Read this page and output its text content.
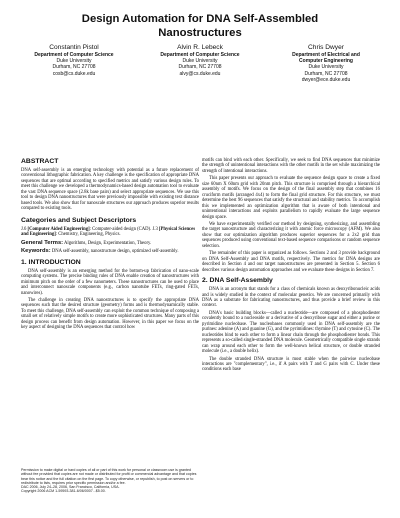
Design Automation for DNA Self-Assembled
Nanostructures
Constantin Pistol
Department of Computer Science
Duke University
Durham, NC 27708
cosb@cs.duke.edu
Alvin R. Lebeck
Department of Computer Science
Duke University
Durham, NC 27708
alvy@cs.duke.edu
Chris Dwyer
Department of Electrical and
Computer Engineering
Duke University
Durham, NC 27708
dwyer@ece.duke.edu
ABSTRACT

DNA self-assembly is an emerging technology with potential as a future replacement of conventional lithographic fabrication. A key challenge is the specification of appropriate DNA sequences that are optimal according to specified metrics and satisfy various design rules. To meet this challenge we developed a thermodynamics-based design automation tool to evaluate the vast DNA sequence space (2.8k base pairs) and select appropriate sequences. We use this tool to design DNA nanostructures that were previously impossible with existing text distance based tools. We also show that for nanoscale structures our approach produces superior results compared to existing tools.

Categories and Subject Descriptors

J.6 [Computer Aided Engineering]: Computer-aided design (CAD). J.3 [Physical Sciences and Engineering]: Chemistry, Engineering, Physics.

General Terms: Algorithms, Design, Experimentation, Theory.

Keywords: DNA self-assembly, nanostructure design, optimized self-assembly.

1. INTRODUCTION

DNA self-assembly is an emerging method for the bottom-up fabrication of nano-scale computing systems. The precise binding rules of DNA enable creation of nanostructures with minimum pitch on the order of a few nanometers. These nanostructures can be used to place and interconnect nanoscale components (e.g., carbon nanotube FETs, ring-gated FETs, nanowires).

The challenge in creating DNA nanostructures is to specify the appropriate DNA sequences such that the desired structure (geometry) forms and is thermodynamically stable. To meet this challenge, DNA self-assembly can exploit the common technique of composing a small set of relatively simple motifs to create more sophisticated structures. Many parts of this design process can benefit from design automation. However, in this paper we focus on the key aspect of designing the DNA sequences that control how

motifs can bind with each other. Specifically, we seek to find DNA sequences that minimize the strength of unintentional interactions with the other motifs in the set while maximizing the strength of intentional interactions.

This paper presents our approach to evaluate the sequence design space to create a fixed size 60nm X 60nm grid with 20nm pitch. This structure is comprised through a hierarchical assembly of motifs. We focus on the design of the final assembly step that combines 16 cruciform motifs (arranged 4x4) to form the final grid structure. For this structure, we must determine the best 96 sequences that satisfy the structural and stability metrics. To accomplish this we implemented an optimization algorithm that is aware of both intentional and unintentional interactions and exploits parallelism to rapidly evaluate the large sequence design space.

We have experimentally verified our method by designing, synthesizing, and assembling the target nanostructure and characterizing it with atomic force microscopy (AFM). We also show that our optimization algorithm produces superior sequences for a 2x2 grid than sequences produced using conventional text-based sequence comparisons or random sequence selection.

The remainder of this paper is organized as follows. Sections 2 and 3 provide background on DNA Self-Assembly and DNA motifs, respectively. The metrics for DNA designs are described in Section 4 and our target nanostructures are presented in Section 5. Section 6 describes various design automation approaches and we evaluate these designs in Section 7.

2. DNA Self-Assembly

DNA is an acronym that stands for a class of chemicals known as deoxyribonucleic acids and is widely studied in the context of molecular genetics. We are concerned primarily with DNA as a substrate for fabricating nanostructures, and thus provide a brief review in this context.

DNA's basic building blocks—called a nucleotide—are composed of a phosphodiester covalently bound to a nucleoside or a derivative of a deoxyribose sugar and either a purine or pyrimidine nucleobase. The nucleobases commonly used in DNA self-assembly are the purines: adenine (A) and guanine (G), and the pyrimidines: thymine (T) and cytosine (C). The nucleotides bind to each other to form a linear chain through the phosphodiester bonds. This represents a so-called single-stranded DNA molecule. Geometrically compatible single strands can wrap around each other to form the well-known helical structure, or double stranded molecule (i.e., a double helix).

The double stranded DNA structure is most stable when the pairwise nucleobase interactions are "complementary", i.e., if A pairs with T and G pairs with C. Under these conditions each base

Permission to make digital or hard copies of all or part of this work for personal or classroom use is granted without fee provided that copies are not made or distributed for profit or commercial advantage and that copies bear this notice and the full citation on the first page. To copy otherwise, or republish, to post on servers or to redistribute to lists, requires prior specific permission and/or a fee.
DAC 2006, July 24–28, 2006, San Francisco, California, USA.
Copyright 2006 ACM 1-59593-381-6/06/0007...$5.00.
